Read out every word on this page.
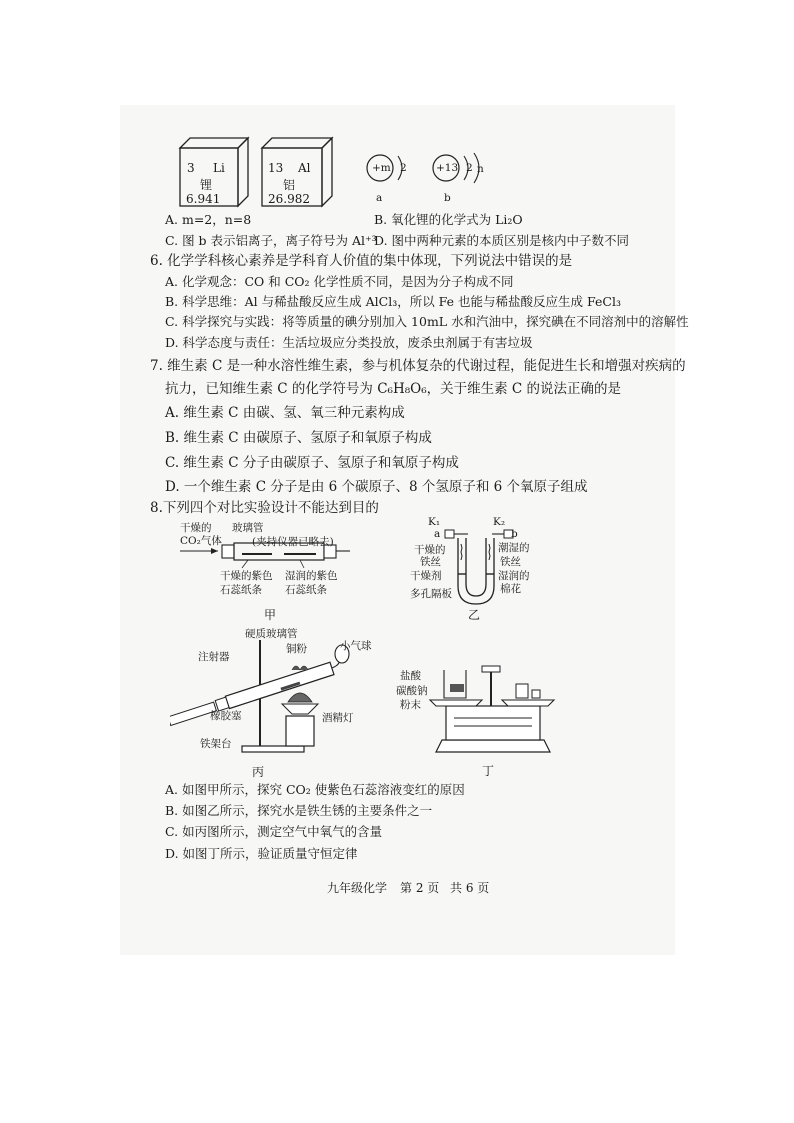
3 Li
锂
6.941
13 Al
铝
26.982
+m 2
a
+13 2 n
b
A. m=2，n=8	B. 氧化锂的化学式为 Li₂O
C. 图 b 表示铝离子，离子符号为 Al⁺³
D. 图中两种元素的本质区别是核内中子数不同
6. 化学学科核心素养是学科育人价值的集中体现，下列说法中错误的是
A. 化学观念：CO 和 CO₂ 化学性质不同，是因为分子构成不同
B. 科学思维：Al 与稀盐酸反应生成 AlCl₃，所以 Fe 也能与稀盐酸反应生成 FeCl₃
C. 科学探究与实践：将等质量的碘分别加入 10mL 水和汽油中，探究碘在不同溶剂中的溶解性
D. 科学态度与责任：生活垃圾应分类投放，废杀虫剂属于有害垃圾
7. 维生素 C 是一种水溶性维生素，参与机体复杂的代谢过程，能促进生长和增强对疾病的
抗力，已知维生素 C 的化学符号为 C₆H₈O₆，关于维生素 C 的说法正确的是
A. 维生素 C 由碳、氢、氧三种元素构成
B. 维生素 C 由碳原子、氢原子和氧原子构成
C. 维生素 C 分子由碳原子、氢原子和氧原子构成
D. 一个维生素 C 分子是由 6 个碳原子、8 个氢原子和 6 个氧原子组成
8.下列四个对比实验设计不能达到目的
干燥的
CO₂气体
玻璃管
(夹持仪器已略去)
干燥的紫色
石蕊纸条
湿润的紫色
石蕊纸条
甲
K₁	K₂
a	b
干燥的
铁丝
干燥剂
多孔隔板
潮湿的
铁丝
湿润的
棉花
乙
硬质玻璃管
小气球
铜粉
注射器
橡胶塞	酒精灯
铁架台
丙
盐酸
碳酸钠
粉末
丁
A. 如图甲所示，探究 CO₂ 使紫色石蕊溶液变红的原因
B. 如图乙所示，探究水是铁生锈的主要条件之一
C. 如丙图所示，测定空气中氧气的含量
D. 如图丁所示，验证质量守恒定律
九年级化学 第 2 页 共 6 页
